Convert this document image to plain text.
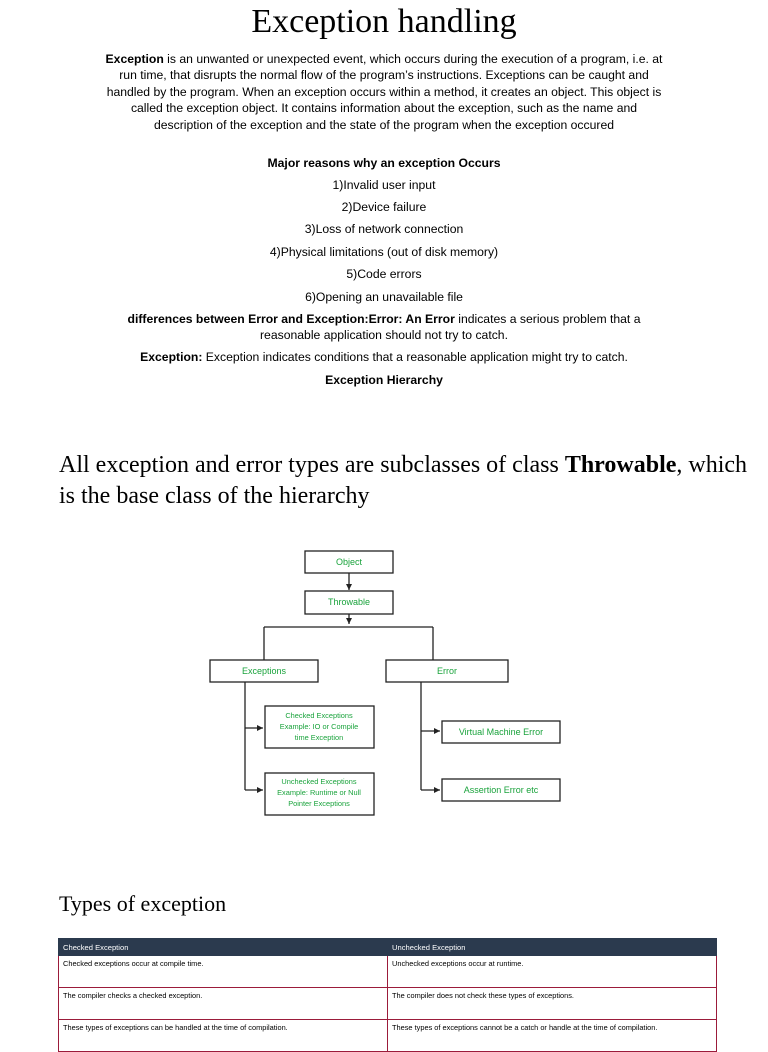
Exception handling
Exception is an unwanted or unexpected event, which occurs during the execution of a program, i.e. at run time, that disrupts the normal flow of the program’s instructions. Exceptions can be caught and handled by the program. When an exception occurs within a method, it creates an object. This object is called the exception object. It contains information about the exception, such as the name and description of the exception and the state of the program when the exception occured
Major reasons why an exception Occurs
1)Invalid user input
2)Device failure
3)Loss of network connection
4)Physical limitations (out of disk memory)
5)Code errors
6)Opening an unavailable file
differences between Error and Exception:Error: An Error indicates a serious problem that a reasonable application should not try to catch.
Exception: Exception indicates conditions that a reasonable application might try to catch.
Exception Hierarchy
All exception and error types are subclasses of class Throwable, which is the base class of the hierarchy
Object
Throwable
Exceptions	Error
Checked Exceptions
Example: IO or Compile
time Exception
Unchecked Exceptions
Example: Runtime or Null
Pointer Exceptions
Virtual Machine Error
Assertion Error etc
Types of exception
Checked Exception	Unchecked Exception
Checked exceptions occur at compile time.	Unchecked exceptions occur at runtime.
The compiler checks a checked exception.	The compiler does not check these types of exceptions.
These types of exceptions can be handled at the time of compilation.	These types of exceptions cannot be a catch or handle at the time of compilation.
